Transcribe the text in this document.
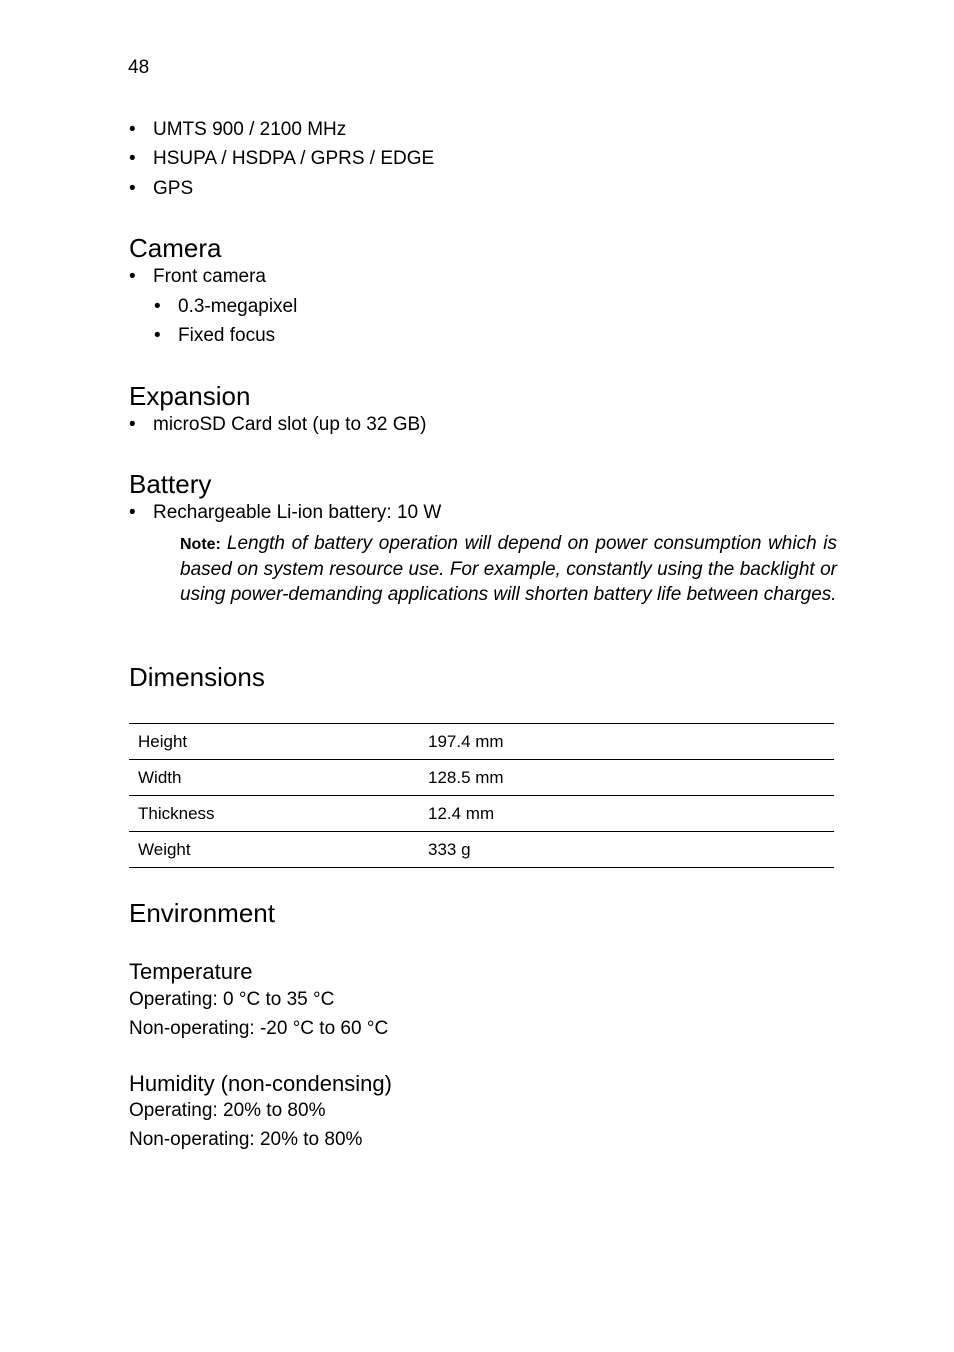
48
• UMTS 900 / 2100 MHz
• HSUPA / HSDPA / GPRS / EDGE
• GPS
Camera
• Front camera
• 0.3-megapixel
• Fixed focus
Expansion
• microSD Card slot (up to 32 GB)
Battery
• Rechargeable Li-ion battery: 10 W
Note: Length of battery operation will depend on power consumption which is based on system resource use. For example, constantly using the backlight or using power-demanding applications will shorten battery life between charges.
Dimensions
Height	197.4 mm
Width	128.5 mm
Thickness	12.4 mm
Weight	333 g
Environment
Temperature
Operating: 0 °C to 35 °C
Non-operating: -20 °C to 60 °C
Humidity (non-condensing)
Operating: 20% to 80%
Non-operating: 20% to 80%
